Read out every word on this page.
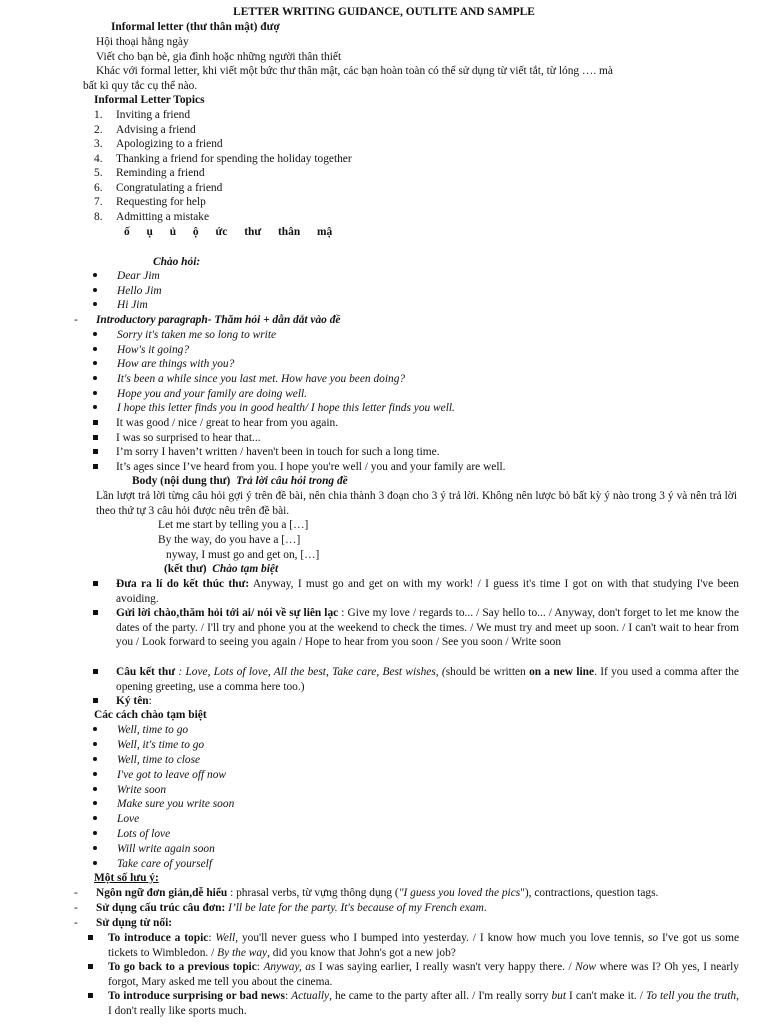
LETTER WRITING GUIDANCE, OUTLITE AND SAMPLE
Informal letter (thư thân mật) đượ
Hội thoại hằng ngày
Viết cho bạn bè, gia đình hoặc những người thân thiết
Khác với formal letter, khi viết một bức thư thân mật, các bạn hoàn toàn có thể sử dụng từ viết tắt, từ lóng …. mà
bất kì quy tắc cụ thể nào.
Informal Letter Topics
1. Inviting a friend
2. Advising a friend
3. Apologizing to a friend
4. Thanking a friend for spending the holiday together
5. Reminding a friend
6. Congratulating a friend
7. Requesting for help
8. Admitting a mistake
ố ụ ủ ộ ức thư thân mậ
Chào hỏi:
Dear Jim
Hello Jim
Hi Jim
- Introductory paragraph- Thăm hỏi + dẫn dắt vào đề
Sorry it's taken me so long to write
How's it going?
How are things with you?
It's been a while since you last met. How have you been doing?
Hope you and your family are doing well.
I hope this letter finds you in good health/ I hope this letter finds you well.
It was good / nice / great to hear from you again.
I was so surprised to hear that...
I’m sorry I haven’t written / haven't been in touch for such a long time.
It’s ages since I’ve heard from you. I hope you're well / you and your family are well.
Body (nội dung thư) Trả lời câu hỏi trong đề
Lần lượt trả lời từng câu hỏi gợi ý trên đề bài, nên chia thành 3 đoạn cho 3 ý trả lời. Không nên lược bỏ bất kỳ ý nào trong 3 ý và nên trả lời theo thứ tự 3 câu hỏi được nêu trên đề bài.
Let me start by telling you a […]
By the way, do you have a […]
nyway, I must go and get on, […]
(kết thư) Chào tạm biệt
Đưa ra lí do kết thúc thư: Anyway, I must go and get on with my work! / I guess it's time I got on with that studying I've been avoiding.
Gửi lời chào,thăm hỏi tới ai/ nói về sự liên lạc : Give my love / regards to... / Say hello to... / Anyway, don't forget to let me know the dates of the party. / I'll try and phone you at the weekend to check the times. / We must try and meet up soon. / I can't wait to hear from you / Look forward to seeing you again / Hope to hear from you soon / See you soon / Write soon
Câu kết thư : Love, Lots of love, All the best, Take care, Best wishes, (should be written on a new line. If you used a comma after the opening greeting, use a comma here too.)
Ký tên:
Các cách chào tạm biệt
Well, time to go
Well, it's time to go
Well, time to close
I've got to leave off now
Write soon
Make sure you write soon
Love
Lots of love
Will write again soon
Take care of yourself
Một số lưu ý:
- Ngôn ngữ đơn giản,dễ hiểu : phrasal verbs, từ vựng thông dụng ("I guess you loved the pics"), contractions, question tags.
- Sử dụng cấu trúc câu đơn: I’ll be late for the party. It's because of my French exam.
- Sử dụng từ nối:
To introduce a topic: Well, you'll never guess who I bumped into yesterday. / I know how much you love tennis, so I've got us some tickets to Wimbledon. / By the way, did you know that John's got a new job?
To go back to a previous topic: Anyway, as I was saying earlier, I really wasn't very happy there. / Now where was I? Oh yes, I nearly forgot, Mary asked me tell you about the cinema.
To introduce surprising or bad news: Actually, he came to the party after all. / I'm really sorry but I can't make it. / To tell you the truth, I don't really like sports much.
